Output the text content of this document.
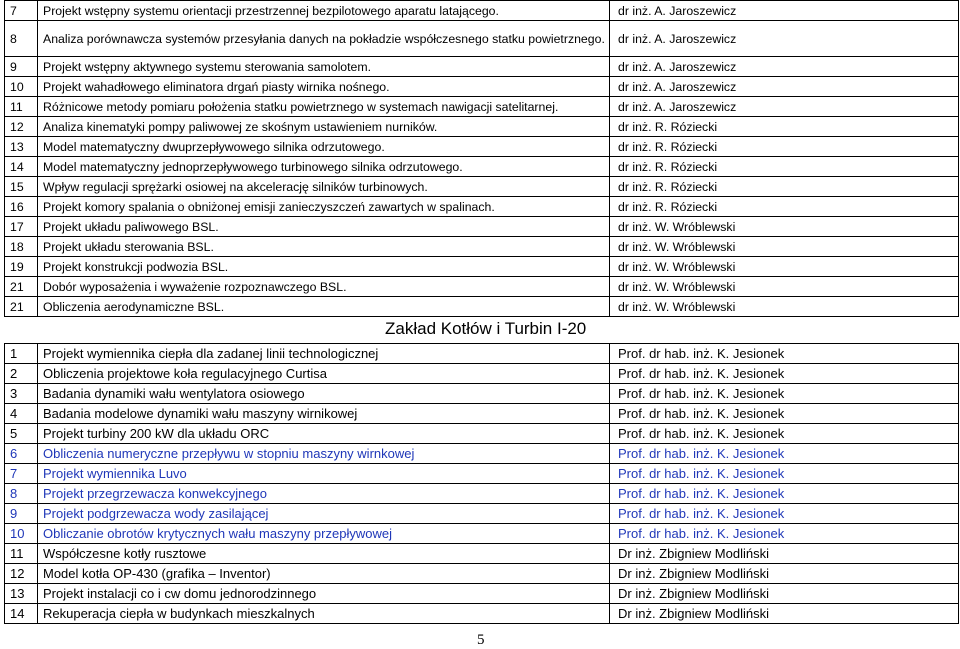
7	Projekt wstępny systemu orientacji przestrzennej bezpilotowego aparatu latającego.	dr inż. A. Jaroszewicz
8	Analiza porównawcza systemów przesyłania danych na pokładzie współczesnego statku powietrznego.	dr inż. A. Jaroszewicz
9	Projekt wstępny aktywnego systemu sterowania samolotem.	dr inż. A. Jaroszewicz
10	Projekt wahadłowego eliminatora drgań piasty wirnika nośnego.	dr inż. A. Jaroszewicz
11	Różnicowe metody pomiaru położenia statku powietrznego w systemach nawigacji satelitarnej.	dr inż. A. Jaroszewicz
12	Analiza kinematyki pompy paliwowej ze skośnym ustawieniem nurników.	dr inż. R. Róziecki
13	Model matematyczny dwuprzepływowego silnika odrzutowego.	dr inż. R. Róziecki
14	Model matematyczny jednoprzepływowego turbinowego silnika odrzutowego.	dr inż. R. Róziecki
15	Wpływ regulacji sprężarki osiowej na akcelerację silników turbinowych.	dr inż. R. Róziecki
16	Projekt komory spalania o obniżonej emisji zanieczyszczeń zawartych w spalinach.	dr inż. R. Róziecki
17	Projekt układu paliwowego BSL.	dr inż. W. Wróblewski
18	Projekt układu sterowania BSL.	dr inż. W. Wróblewski
19	Projekt konstrukcji podwozia BSL.	dr inż. W. Wróblewski
21	Dobór wyposażenia i wyważenie rozpoznawczego BSL.	dr inż. W. Wróblewski
21	Obliczenia aerodynamiczne BSL.	dr inż. W. Wróblewski
Zakład Kotłów i Turbin I-20
1	Projekt wymiennika ciepła dla zadanej linii technologicznej	Prof. dr hab. inż. K. Jesionek
2	Obliczenia projektowe koła regulacyjnego Curtisa	Prof. dr hab. inż. K. Jesionek
3	Badania dynamiki wału wentylatora osiowego	Prof. dr hab. inż. K. Jesionek
4	Badania modelowe dynamiki wału maszyny wirnikowej	Prof. dr hab. inż. K. Jesionek
5	Projekt turbiny 200 kW dla układu ORC	Prof. dr hab. inż. K. Jesionek
6	Obliczenia numeryczne przepływu w stopniu maszyny wirnkowej	Prof. dr hab. inż. K. Jesionek
7	Projekt wymiennika Luvo	Prof. dr hab. inż. K. Jesionek
8	Projekt przegrzewacza konwekcyjnego	Prof. dr hab. inż. K. Jesionek
9	Projekt podgrzewacza wody zasilającej	Prof. dr hab. inż. K. Jesionek
10	Obliczanie obrotów krytycznych wału maszyny przepływowej	Prof. dr hab. inż. K. Jesionek
11	Współczesne kotły rusztowe	Dr inż. Zbigniew Modliński
12	Model kotła OP-430 (grafika – Inventor)	Dr inż. Zbigniew Modliński
13	Projekt instalacji co i cw domu jednorodzinnego	Dr inż. Zbigniew Modliński
14	Rekuperacja ciepła w budynkach mieszkalnych	Dr inż. Zbigniew Modliński
5
